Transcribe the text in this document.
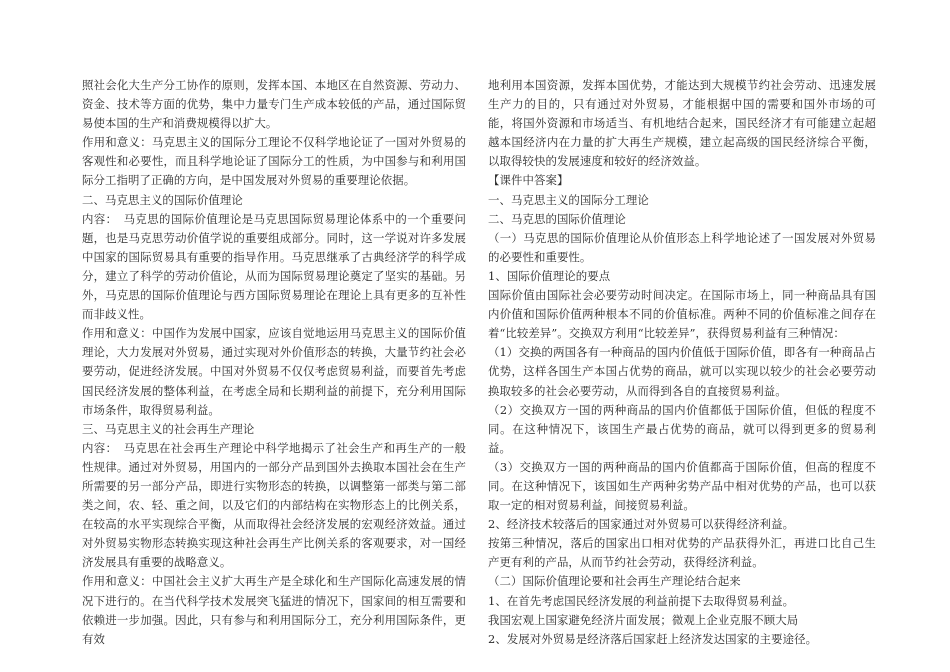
照社会化大生产分工协作的原则，发挥本国、本地区在自然资源、劳动力、资金、技术等方面的优势，集中力量专门生产成本较低的产品，通过国际贸易使本国的生产和消费规模得以扩大。

作用和意义：马克思主义的国际分工理论不仅科学地论证了一国对外贸易的客观性和必要性，而且科学地论证了国际分工的性质，为中国参与和利用国际分工指明了正确的方向，是中国发展对外贸易的重要理论依据。

二、马克思主义的国际价值理论

内容：　马克思的国际价值理论是马克思国际贸易理论体系中的一个重要问题，也是马克思劳动价值学说的重要组成部分。同时，这一学说对许多发展中国家的国际贸易具有重要的指导作用。马克思继承了古典经济学的科学成分，建立了科学的劳动价值论，从而为国际贸易理论奠定了坚实的基础。另外，马克思的国际价值理论与西方国际贸易理论在理论上具有更多的互补性而非歧义性。

作用和意义：中国作为发展中国家，应该自觉地运用马克思主义的国际价值理论，大力发展对外贸易，通过实现对外价值形态的转换，大量节约社会必要劳动，促进经济发展。中国对外贸易不仅仅考虑贸易利益，而要首先考虑国民经济发展的整体利益，在考虑全局和长期利益的前提下，充分利用国际市场条件，取得贸易利益。

三、马克思主义的社会再生产理论

内容：　马克思在社会再生产理论中科学地揭示了社会生产和再生产的一般性规律。通过对外贸易，用国内的一部分产品到国外去换取本国社会在生产所需要的另一部分产品，即进行实物形态的转换，以调整第一部类与第二部类之间，农、轻、重之间，以及它们的内部结构在实物形态上的比例关系，在较高的水平实现综合平衡，从而取得社会经济发展的宏观经济效益。通过对外贸易实物形态转换实现这种社会再生产比例关系的客观要求，对一国经济发展具有重要的战略意义。

作用和意义：中国社会主义扩大再生产是全球化和生产国际化高速发展的情况下进行的。在当代科学技术发展突飞猛进的情况下，国家间的相互需要和依赖进一步加强。因此，只有参与和利用国际分工，充分利用国际条件，更有效

地利用本国资源，发挥本国优势，才能达到大规模节约社会劳动、迅速发展生产力的目的，只有通过对外贸易，才能根据中国的需要和国外市场的可能，将国外资源和市场适当、有机地结合起来，国民经济才有可能建立起超越本国经济内在力量的扩大再生产规模，建立起高级的国民经济综合平衡，以取得较快的发展速度和较好的经济效益。

【课件中答案】

一、马克思主义的国际分工理论

二、马克思的国际价值理论

（一）马克思的国际价值理论从价值形态上科学地论述了一国发展对外贸易的必要性和重要性。

1、国际价值理论的要点

国际价值由国际社会必要劳动时间决定。在国际市场上，同一种商品具有国内价值和国际价值两种根本不同的价值标准。两种不同的价值标准之间存在着“比较差异”。交换双方利用“比较差异”，获得贸易利益有三种情况：

（1）交换的两国各有一种商品的国内价值低于国际价值，即各有一种商品占优势，这样各国生产本国占优势的商品，就可以实现以较少的社会必要劳动换取较多的社会必要劳动，从而得到各自的直接贸易利益。

（2）交换双方一国的两种商品的国内价值都低于国际价值，但低的程度不同。在这种情况下，该国生产最占优势的商品，就可以得到更多的贸易利益。

（3）交换双方一国的两种商品的国内价值都高于国际价值，但高的程度不同。在这种情况下，该国如生产两种劣势产品中相对优势的产品，也可以获取一定的相对贸易利益，间接贸易利益。

2、经济技术较落后的国家通过对外贸易可以获得经济利益。

按第三种情况，落后的国家出口相对优势的产品获得外汇，再进口比自己生产更有利的产品，从而节约社会劳动，获得经济利益。

（二）国际价值理论要和社会再生产理论结合起来

1、在首先考虑国民经济发展的利益前提下去取得贸易利益。

我国宏观上国家避免经济片面发展；微观上企业克服不顾大局

2、发展对外贸易是经济落后国家赶上经济发达国家的主要途径。
